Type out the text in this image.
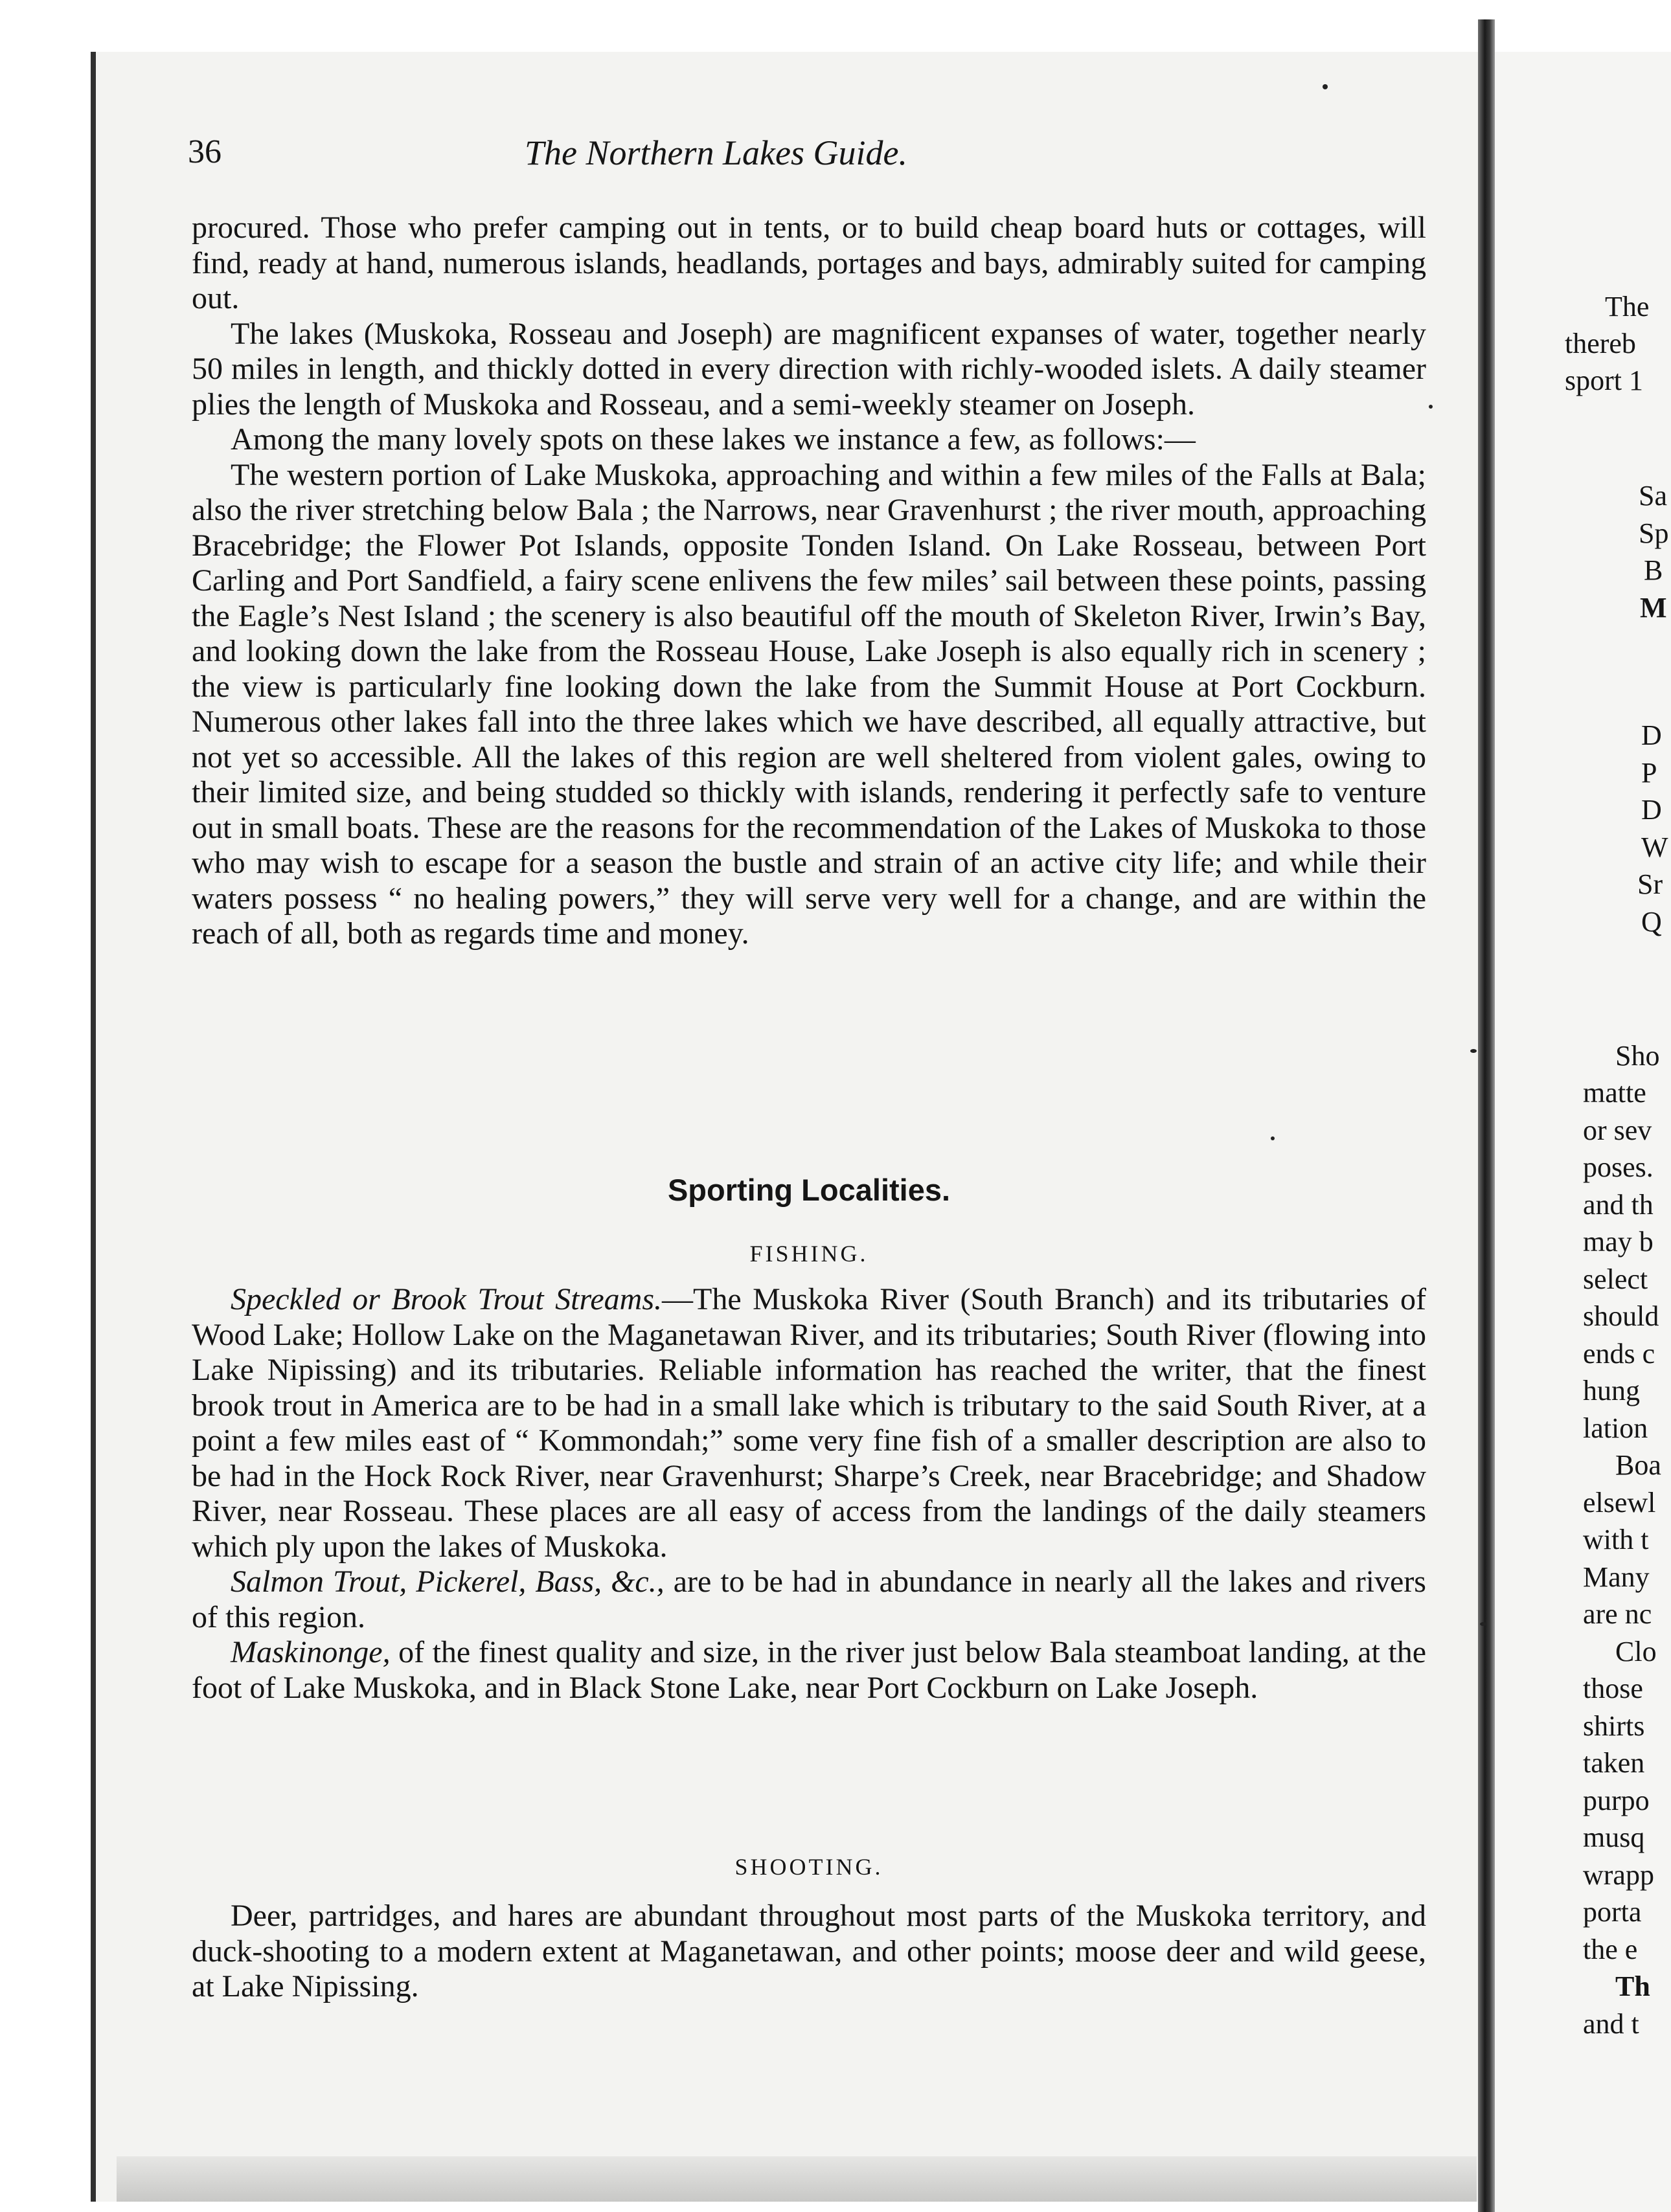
36	The Northern Lakes Guide.

procured. Those who prefer camping out in tents, or to build cheap board huts or cottages, will find, ready at hand, numerous islands, headlands, portages and bays, admirably suited for camping out.

The lakes (Muskoka, Rosseau and Joseph) are magnificent expanses of water, together nearly 50 miles in length, and thickly dotted in every direction with richly-wooded islets. A daily steamer plies the length of Muskoka and Rosseau, and a semi-weekly steamer on Joseph.

Among the many lovely spots on these lakes we instance a few, as follows:—

The western portion of Lake Muskoka, approaching and within a few miles of the Falls at Bala; also the river stretching below Bala ; the Narrows, near Gravenhurst ; the river mouth, approaching Bracebridge; the Flower Pot Islands, opposite Tonden Island. On Lake Rosseau, between Port Carling and Port Sandfield, a fairy scene enlivens the few miles’ sail between these points, passing the Eagle’s Nest Island ; the scenery is also beautiful off the mouth of Skeleton River, Irwin’s Bay, and looking down the lake from the Rosseau House, Lake Joseph is also equally rich in scenery ; the view is particularly fine looking down the lake from the Summit House at Port Cockburn. Numerous other lakes fall into the three lakes which we have described, all equally attractive, but not yet so accessible. All the lakes of this region are well sheltered from violent gales, owing to their limited size, and being studded so thickly with islands, rendering it perfectly safe to venture out in small boats. These are the reasons for the recommendation of the Lakes of Muskoka to those who may wish to escape for a season the bustle and strain of an active city life; and while their waters possess “ no healing powers,” they will serve very well for a change, and are within the reach of all, both as regards time and money.

Sporting Localities.
FISHING.

Speckled or Brook Trout Streams.—The Muskoka River (South Branch) and its tributaries of Wood Lake; Hollow Lake on the Maganetawan River, and its tributaries; South River (flowing into Lake Nipissing) and its tributaries. Reliable information has reached the writer, that the finest brook trout in America are to be had in a small lake which is tributary to the said South River, at a point a few miles east of “ Kommondah;” some very fine fish of a smaller description are also to be had in the Hock Rock River, near Gravenhurst; Sharpe’s Creek, near Bracebridge; and Shadow River, near Rosseau. These places are all easy of access from the landings of the daily steamers which ply upon the lakes of Muskoka.

Salmon Trout, Pickerel, Bass, &c., are to be had in abundance in nearly all the lakes and rivers of this region.

Maskinonge, of the finest quality and size, in the river just below Bala steamboat landing, at the foot of Lake Muskoka, and in Black Stone Lake, near Port Cockburn on Lake Joseph.

SHOOTING.

Deer, partridges, and hares are abundant throughout most parts of the Muskoka territory, and duck-shooting to a modern extent at Maganetawan, and other points; moose deer and wild geese, at Lake Nipissing.

The
thereb
sport 1
Sa
Sp
B
M
D
P
D
W
Sr
Q
Sho
matte
or sev
poses.
and th
may b
select
should
ends c
hung
lation
Boa
elsewl
with t
Many
are nc
Clo
those
shirts
taken
purpo
musq
wrapp
porta
the e
Th
and t
